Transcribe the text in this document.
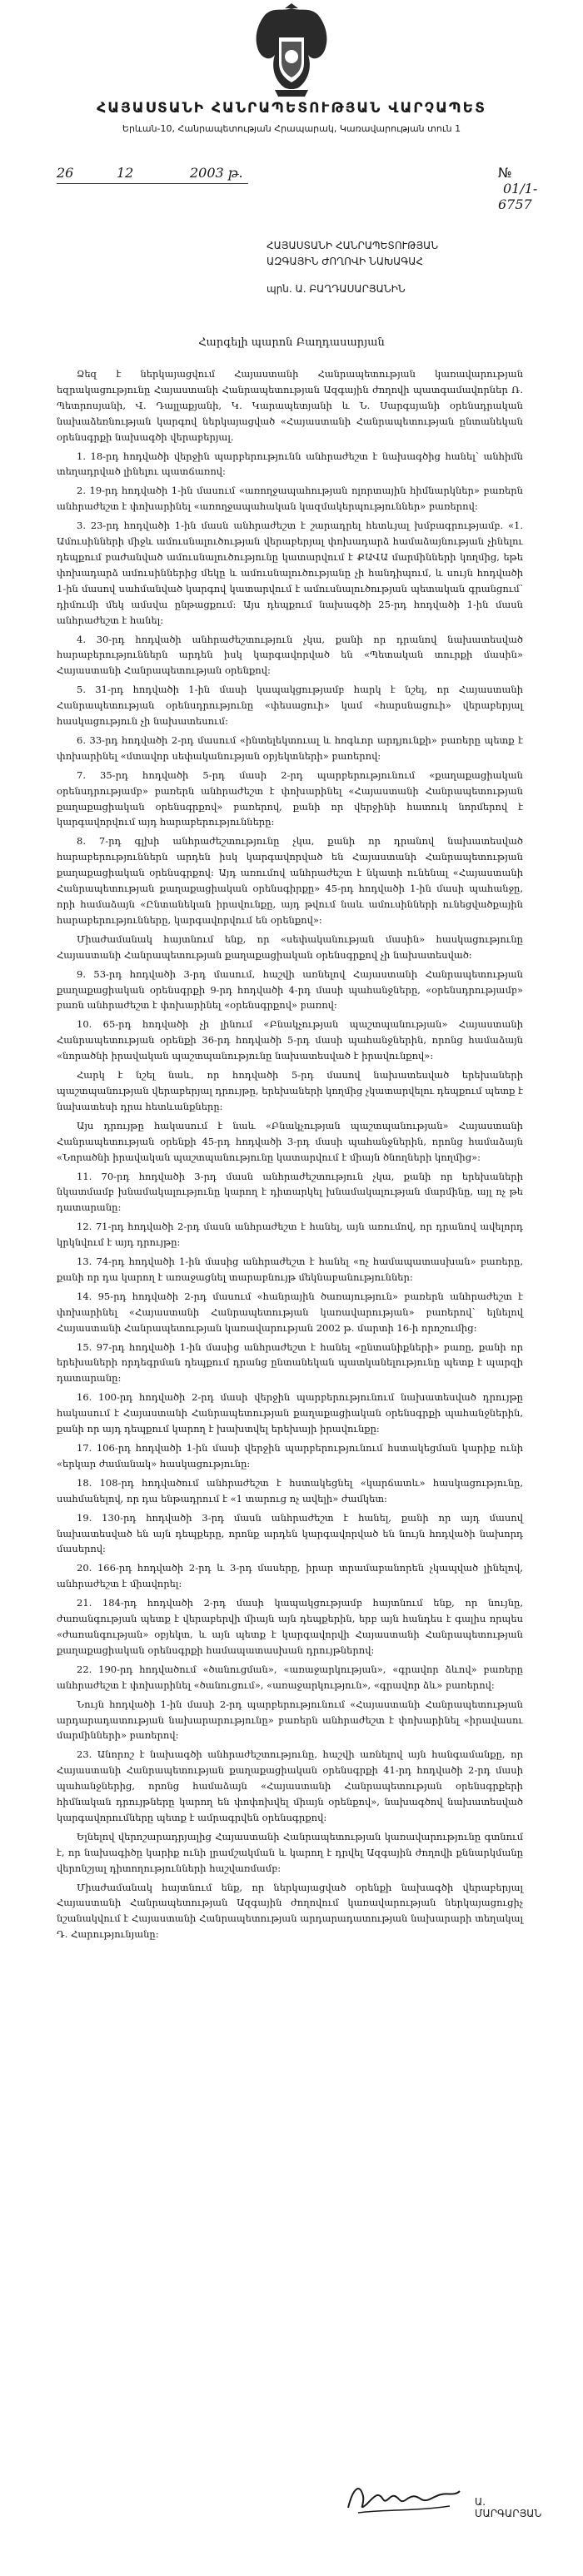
ՀԱՅԱՍՏԱՆԻ ՀԱՆՐԱՊԵՏՈՒԹՅԱՆ ՎԱՐՉԱՊԵՏ
Երևան-10, Հանրապետության Հրապարակ, Կառավարության տուն 1
26	12	2003 թ.	№ 01/1-6757
ՀԱՅԱՍՏԱՆԻ ՀԱՆՐԱՊԵՏՈՒԹՅԱՆ
ԱԶԳԱՅԻՆ ԺՈՂՈՎԻ ՆԱԽԱԳԱՀ
պրն. Ա. ԲԱՂԴԱՍԱՐՅԱՆԻՆ
Հարգելի պարոն Բաղդասարյան

Ձեզ է ներկայացվում Հայաստանի Հանրապետության կառավարության եզրակացությունը Հայաստանի Հանրապետության Ազգային ժողովի պատգամավորներ Ռ. Պետրոսյանի, Վ. Դալլաքյանի, Կ. Կարապետյանի և Ն. Սարգսյանի օրենսդրական նախաձեռնության կարգով ներկայացված «Հայաստանի Հանրապետության ընտանեկան օրենսգրքի նախագծի վերաբերյալ.

1. 18-րդ հոդվածի վերջին պարբերությունն անհրաժեշտ է նախագծից հանել՝ անհիմն տեղադրված լինելու պատճառով:

2. 19-րդ հոդվածի 1-ին մասում «առողջապահության ոլորտային հիմնարկներ» բառերն անհրաժեշտ է փոխարինել «առողջապահական կազմակերպություններ» բառերով:

3. 23-րդ հոդվածի 1-ին մասն անհրաժեշտ է շարադրել հետևյալ խմբագրությամբ. «1. Ամուսինների միջև ամուսնալուծության վերաբերյալ փոխադարձ համաձայնության չինելու դեպքում բաժանված ամուսնալուծությունը կատարվում է ՔԱՎԱ մարմինների կողմից, եթե փոխադարձ ամուսիններից մեկը և ամուսնալուծությանը չի հանդիպում, և սույն հոդվածի 1-ին մասով սահմանված կարգով կատարվում է ամուսնալուծության պետական գրանցում՝ դիմումի մեկ ամսվա ընթացքում: Այս դեպքում նախագծի 25-րդ հոդվածի 1-ին մասն անհրաժեշտ է հանել:

4. 30-րդ հոդվածի անհրաժեշտություն չկա, քանի որ դրանով նախատեսված հարաբերություններն արդեն իսկ կարգավորված են «Պետական տուրքի մասին» Հայաստանի Հանրապետության օրենքով:

5. 31-րդ հոդվածի 1-ին մասի կապակցությամբ հարկ է նշել, որ Հայաստանի Հանրապետության օրենսդրությունը «փեսացուի» կամ «հարսնացուի» վերաբերյալ հասկացություն չի նախատեսում:

6. 33-րդ հոդվածի 2-րդ մասում «ինտելեկտուալ և հոգևոր արդյունքի» բառերը պետք է փոխարինել «մտավոր սեփականության օբյեկտների» բառերով:

7. 35-րդ հոդվածի 5-րդ մասի 2-րդ պարբերությունում «քաղաքացիական օրենսդրությամբ» բառերն անհրաժեշտ է փոխարինել «Հայաստանի Հանրապետության քաղաքացիական օրենսգրքով» բառերով, քանի որ վերջինի հատուկ նորմերով է կարգավորվում այդ հարաբերությունները:

8. 7-րդ գլխի անհրաժեշտությունը չկա, քանի որ դրանով նախատեսված հարաբերություններն արդեն իսկ կարգավորված են Հայաստանի Հանրապետության քաղաքացիական օրենսգրքով: Այդ առումով անհրաժեշտ է նկատի ունենալ «Հայաստանի Հանրապետության քաղաքացիական օրենսգիրքը» 45-րդ հոդվածի 1-ին մասի պահանջը, որի համաձայն «Ընտանեկան իրավունքը, այդ թվում նաև ամուսինների ունեցվածքային հարաբերությունները, կարգավորվում են օրենքով»:

Միաժամանակ հայտնում ենք, որ «սեփականության մասին» հասկացությունը Հայաստանի Հանրապետության քաղաքացիական օրենսգրքով չի նախատեսված:

9. 53-րդ հոդվածի 3-րդ մասում, հաշվի առնելով Հայաստանի Հանրապետության քաղաքացիական օրենսգրքի 9-րդ հոդվածի 4-րդ մասի պահանջները, «օրենսդրությամբ» բառն անհրաժեշտ է փոխարինել «օրենսգրքով» բառով:

10. 65-րդ հոդվածի չի լինում «Բնակչության պաշտպանության» Հայաստանի Հանրապետության օրենքի 36-րդ հոդվածի 5-րդ մասի պահանջներին, որոնց համաձայն «նորածնի իրավական պաշտպանությունը նախատեսված է իրավունքով»:

Հարկ է նշել նաև, որ հոդվածի 5-րդ մասով նախատեսված երեխաների պաշտպանության վերաբերյալ դրույթը, երեխաների կողմից չկատարվելու դեպքում պետք է նախատեսի դրա հետևանքները:

Այս դրույթը հակասում է նաև «Բնակչության պաշտպանության» Հայաստանի Հանրապետության օրենքի 45-րդ հոդվածի 3-րդ մասի պահանջներին, որոնց համաձայն «Նորածնի իրավական պաշտպանությունը կատարվում է միայն ծնողների կողմից»:

11. 70-րդ հոդվածի 3-րդ մասն անհրաժեշտություն չկա, քանի որ երեխաների նկատմամբ խնամակալությունը կարող է դիտարկել խնամակալության մարմինը, այլ ոչ թե դատարանը:

12. 71-րդ հոդվածի 2-րդ մասն անհրաժեշտ է հանել, այն առումով, որ դրանով ավելորդ կրկնվում է այդ դրույթը:

13. 74-րդ հոդվածի 1-ին մասից անհրաժեշտ է հանել «ոչ համապատասխան» բառերը, քանի որ դա կարող է առաջացնել տարաբնույթ մեկնաբանություններ:

14. 95-րդ հոդվածի 2-րդ մասում «հանրային ծառայություն» բառերն անհրաժեշտ է փոխարինել «Հայաստանի Հանրապետության կառավարության» բառերով՝ ելնելով Հայաստանի Հանրապետության կառավարության 2002 թ. մարտի 16-ի որոշումից:

15. 97-րդ հոդվածի 1-ին մասից անհրաժեշտ է հանել «ընտանիքների» բառը, քանի որ երեխաների որդեգրման դեպքում դրանց ընտանեկան պատկանելությունը պետք է պարզի դատարանը:

16. 100-րդ հոդվածի 2-րդ մասի վերջին պարբերությունում նախատեսված դրույթը հակասում է Հայաստանի Հանրապետության քաղաքացիական օրենսգրքի պահանջներին, քանի որ այդ դեպքում կարող է խախտվել երեխայի իրավունքը:

17. 106-րդ հոդվածի 1-ին մասի վերջին պարբերությունում հստակեցման կարիք ունի «երկար ժամանակ» հասկացությունը:

18. 108-րդ հոդվածում անհրաժեշտ է հստակեցնել «կարճատև» հասկացությունը, սահմանելով, որ դա ենթադրում է «1 տարուց ոչ ավելի» ժամկետ:

19. 130-րդ հոդվածի 3-րդ մասն անհրաժեշտ է հանել, քանի որ այդ մասով նախատեսված են այն դեպքերը, որոնք արդեն կարգավորված են նույն հոդվածի նախորդ մասերով:

20. 166-րդ հոդվածի 2-րդ և 3-րդ մասերը, իրար տրամաբանորեն չկապված լինելով, անհրաժեշտ է միավորել:

21. 184-րդ հոդվածի 2-րդ մասի կապակցությամբ հայտնում ենք, որ նույնը, ժառանգության պետք է վերաբերվի միայն այն դեպքերին, երբ այն հանդես է գալիս որպես «ժառանգության» օբյեկտ, և այն պետք է կարգավորվի Հայաստանի Հանրապետության քաղաքացիական օրենսգրքի համապատասխան դրույթներով:

22. 190-րդ հոդվածում «ծանուցման», «առաջարկության», «գրավոր ձևով» բառերը անհրաժեշտ է փոխարինել «ծանուցում», «առաջարկություն», «գրավոր ձև» բառերով:

Նույն հոդվածի 1-ին մասի 2-րդ պարբերությունում «Հայաստանի Հանրապետության արդարադատության նախարարությունը» բառերն անհրաժեշտ է փոխարինել «իրավասու մարմինների» բառերով:

23. Անորոշ է նախագծի անհրաժեշտությունը, հաշվի առնելով այն հանգամանքը, որ Հայաստանի Հանրապետության քաղաքացիական օրենսգրքի 41-րդ հոդվածի 2-րդ մասի պահանջներից, որոնց համաձայն «Հայաստանի Հանրապետության օրենսգրքերի հիմնական դրույթները կարող են փոփոխվել միայն օրենքով», նախագծով նախատեսված կարգավորումները պետք է ամրագրվեն օրենսգրքով:

Ելնելով վերոշարադրյալից Հայաստանի Հանրապետության կառավարությունը գտնում է, որ նախագիծը կարիք ունի լրամշակման և կարող է դրվել Ազգային ժողովի քննարկմանը վերոնշյալ դիտողությունների հաշվառմամբ:

Միաժամանակ հայտնում ենք, որ ներկայացված օրենքի նախագծի վերաբերյալ Հայաստանի Հանրապետության Ազգային ժողովում կառավարության ներկայացուցիչ նշանակվում է Հայաստանի Հանրապետության արդարադատության նախարարի տեղակալ Դ. Հարությունյանը:

Ա. ՄԱՐԳԱՐՅԱՆ
